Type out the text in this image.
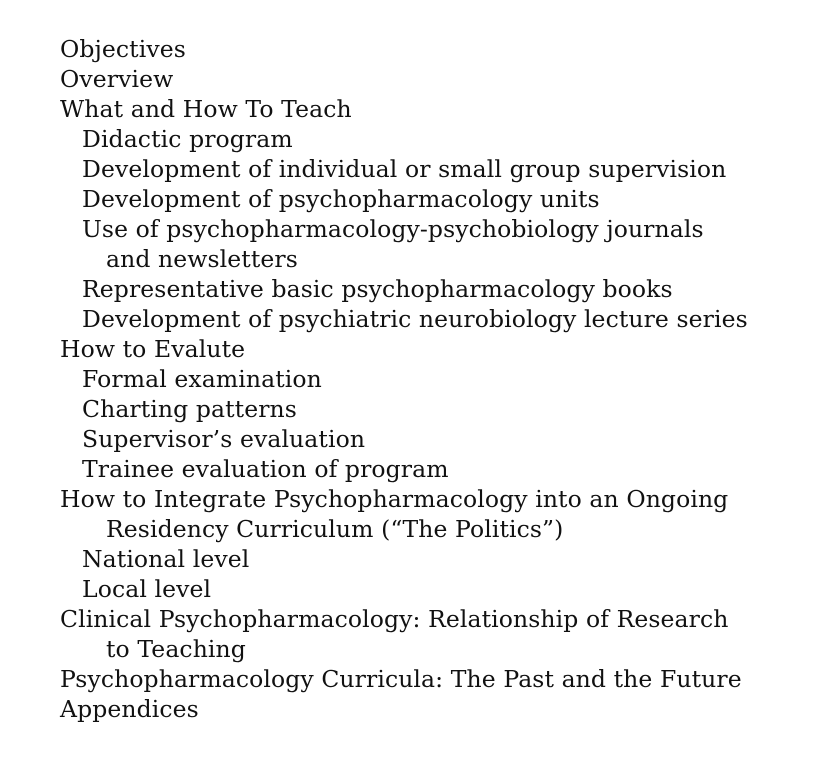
Objectives
Overview
What and How To Teach
Didactic program
Development of individual or small group supervision
Development of psychopharmacology units
Use of psychopharmacology-psychobiology journals
and newsletters
Representative basic psychopharmacology books
Development of psychiatric neurobiology lecture series
How to Evalute
Formal examination
Charting patterns
Supervisor’s evaluation
Trainee evaluation of program
How to Integrate Psychopharmacology into an Ongoing
Residency Curriculum (“The Politics”)
National level
Local level
Clinical Psychopharmacology: Relationship of Research
to Teaching
Psychopharmacology Curricula: The Past and the Future
Appendices
